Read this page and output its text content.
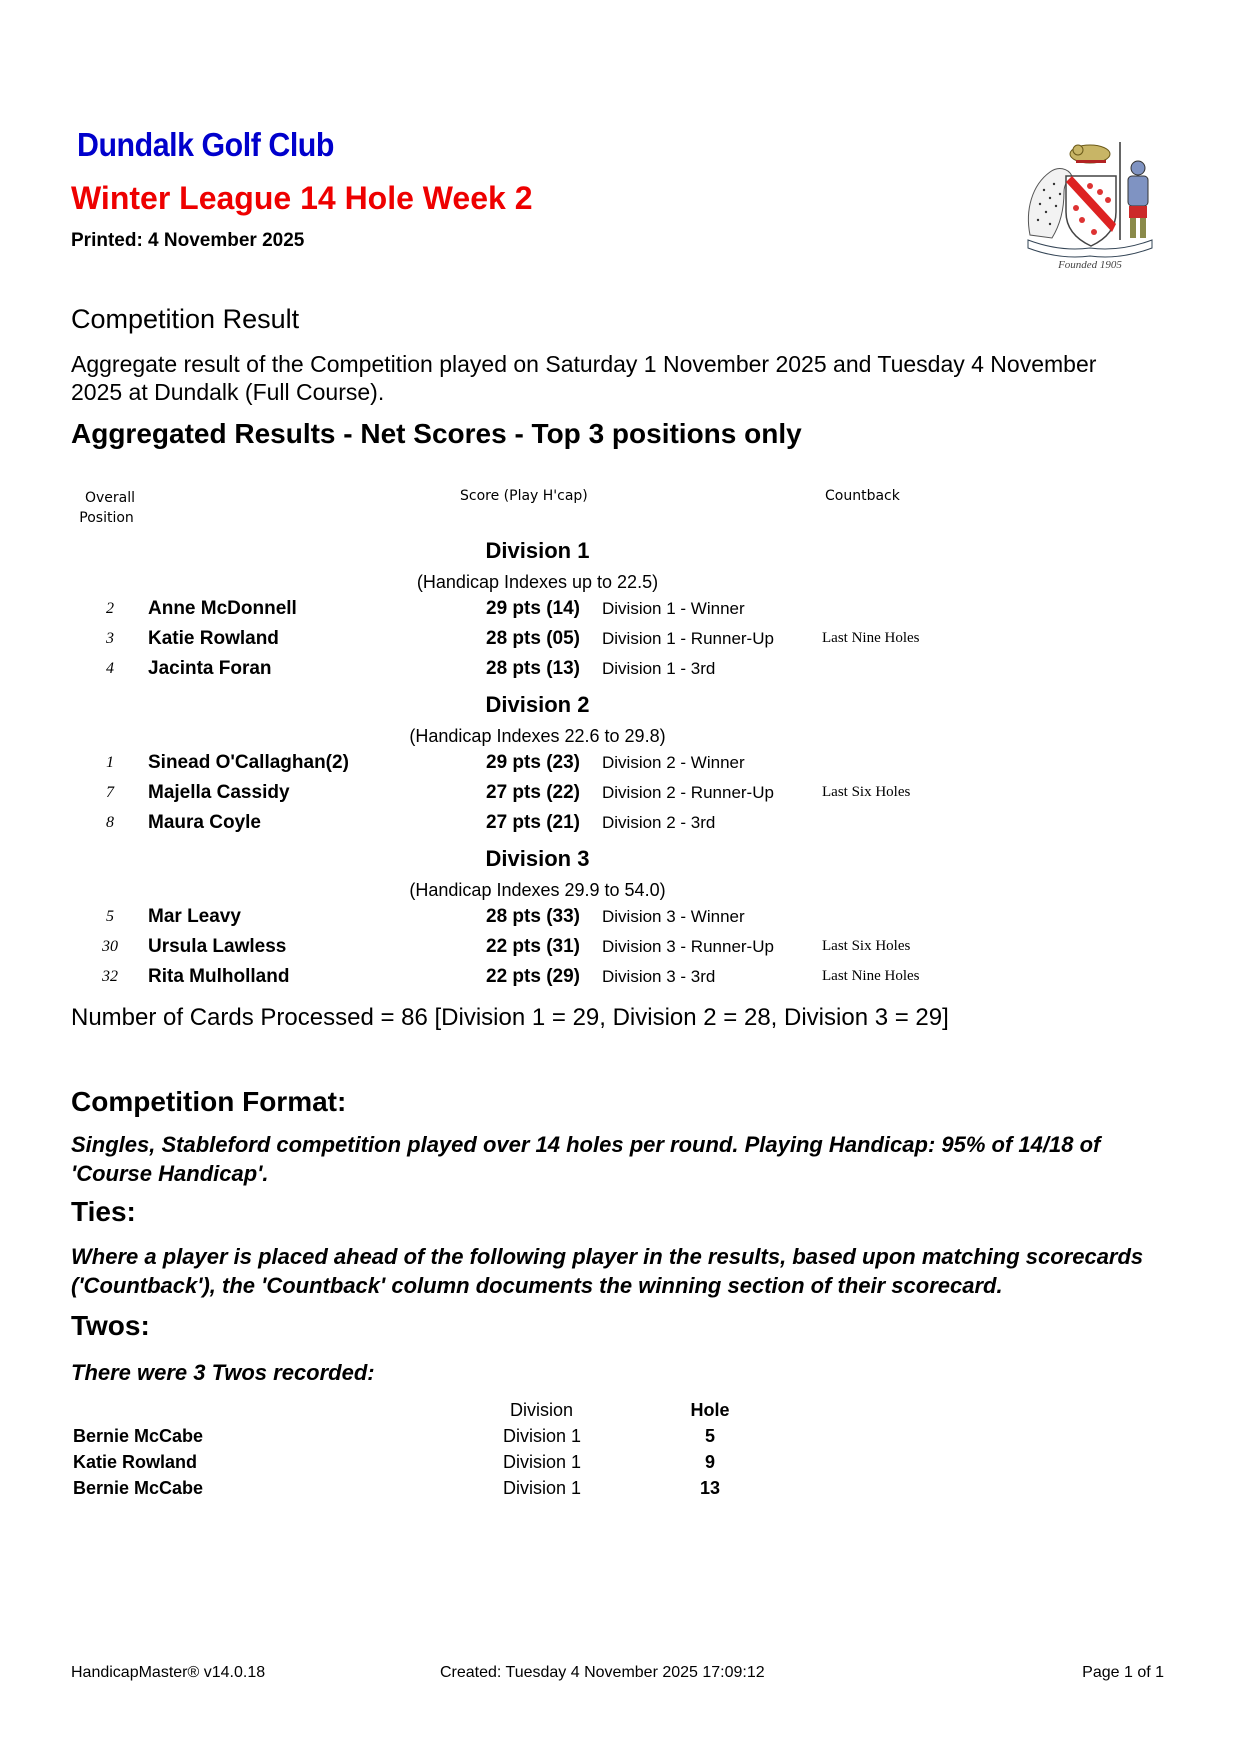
Dundalk Golf Club
Winter League 14 Hole Week 2
Printed: 4 November 2025
Founded 1905
Competition Result
Aggregate result of the Competition played on Saturday 1 November 2025 and Tuesday 4 November 2025 at Dundalk (Full Course).
Aggregated Results - Net Scores - Top 3 positions only
Overall
Position
Score (Play H'cap)	Countback
Division 1
(Handicap Indexes up to 22.5)
2	Anne McDonnell	29 pts (14) Division 1 - Winner
3	Katie Rowland	28 pts (05) Division 1 - Runner-Up	Last Nine Holes
4	Jacinta Foran	28 pts (13) Division 1 - 3rd
Division 2
(Handicap Indexes 22.6 to 29.8)
1	Sinead O'Callaghan(2)	29 pts (23) Division 2 - Winner
7	Majella Cassidy	27 pts (22) Division 2 - Runner-Up	Last Six Holes
8	Maura Coyle	27 pts (21) Division 2 - 3rd
Division 3
(Handicap Indexes 29.9 to 54.0)
5	Mar Leavy	28 pts (33) Division 3 - Winner
30	Ursula Lawless	22 pts (31) Division 3 - Runner-Up	Last Six Holes
32	Rita Mulholland	22 pts (29) Division 3 - 3rd	Last Nine Holes
Number of Cards Processed = 86 [Division 1 = 29, Division 2 = 28, Division 3 = 29]
Competition Format:
Singles, Stableford competition played over 14 holes per round. Playing Handicap: 95% of 14/18 of 'Course Handicap'.
Ties:
Where a player is placed ahead of the following player in the results, based upon matching scorecards ('Countback'), the 'Countback' column documents the winning section of their scorecard.
Twos:
There were 3 Twos recorded:
Division	Hole
Bernie McCabe	Division 1	5
Katie Rowland	Division 1	9
Bernie McCabe	Division 1	13
HandicapMaster® v14.0.18	Created: Tuesday 4 November 2025 17:09:12	Page 1 of 1
